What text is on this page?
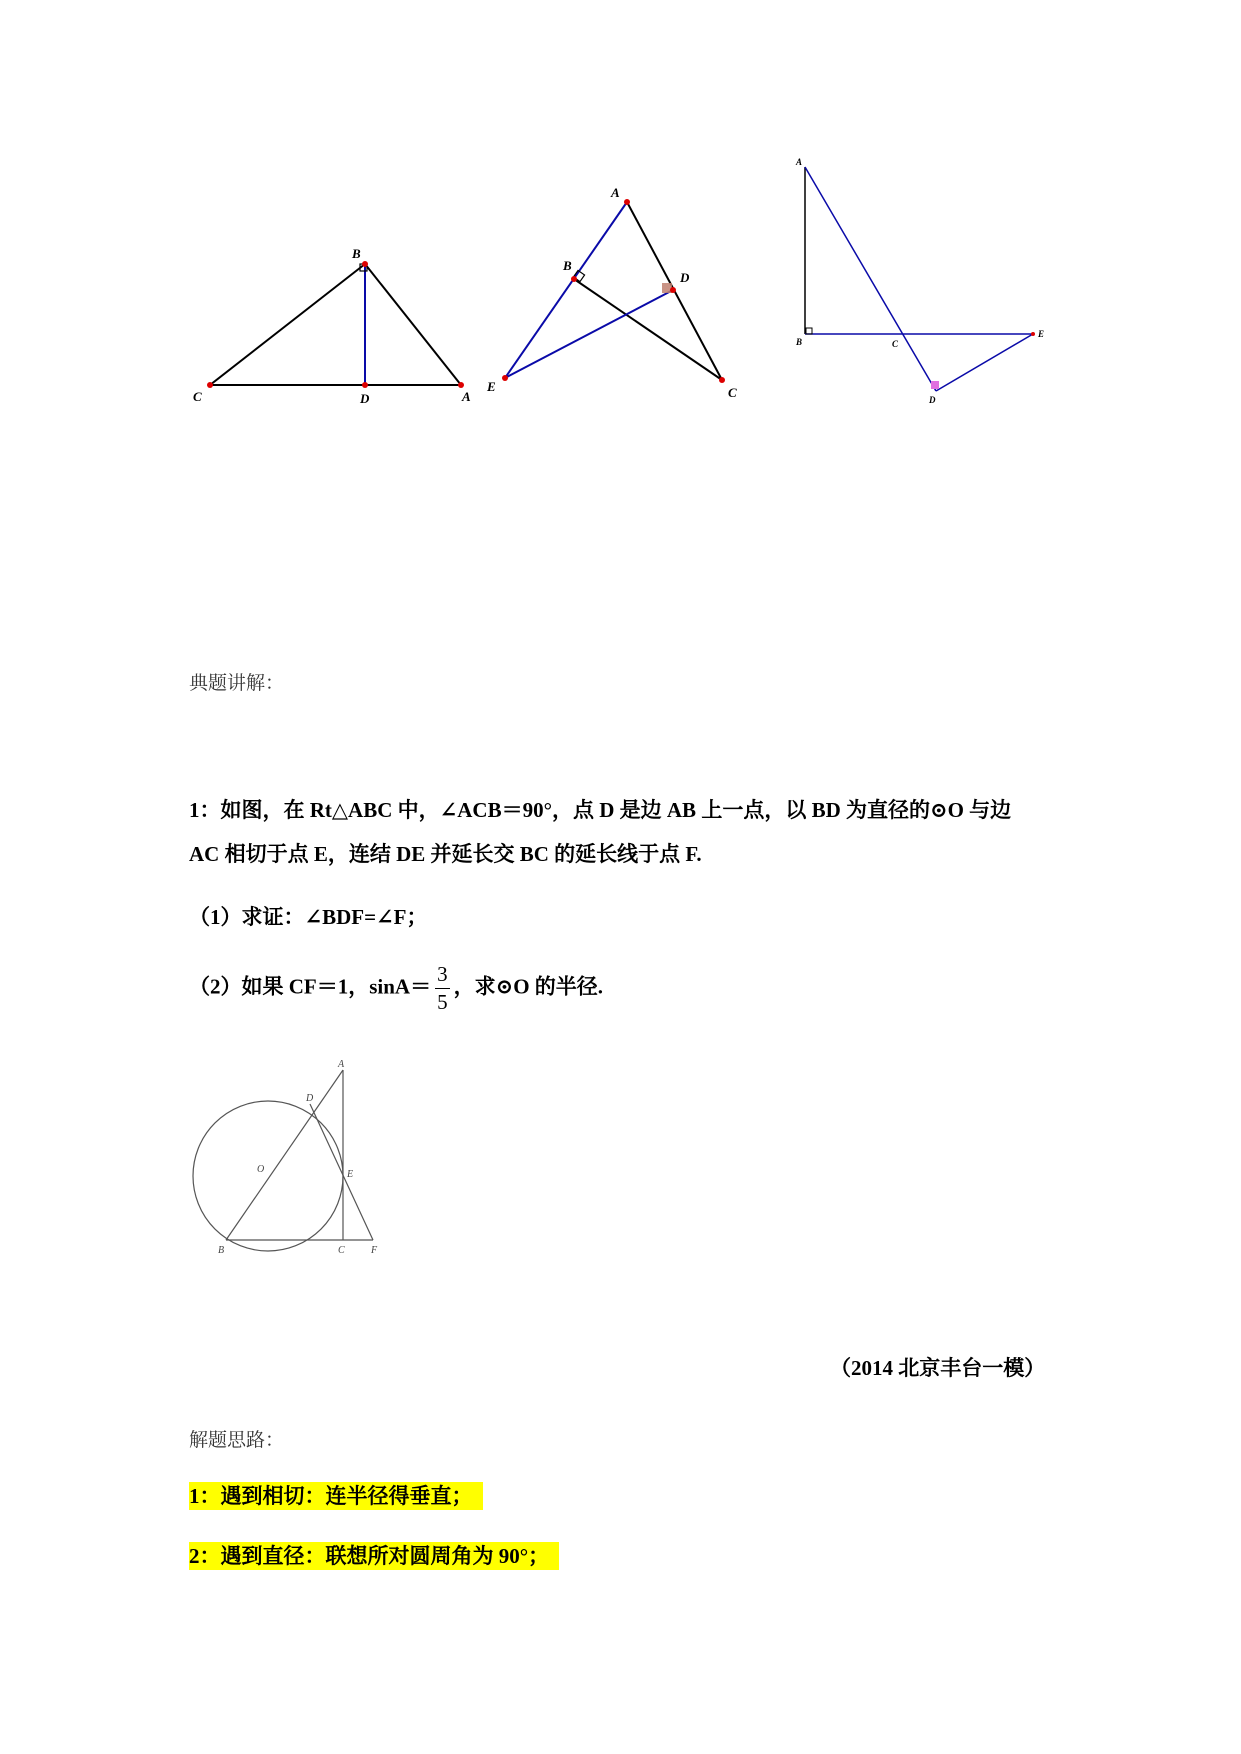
B
C	D	A
A
B
D
E	C
A
B	C
E
D
典题讲解：
1：如图，在 Rt△ABC 中，∠ACB＝90°，点 D 是边 AB 上一点，以 BD 为直径的⊙O 与边
AC 相切于点 E，连结 DE 并延长交 BC 的延长线于点 F.
（1）求证：∠BDF=∠F；
（2）如果 CF＝1，$\sin A= \frac{3}{5}$ ，求⊙O 的半径.
A
D
O	E
B	C	F
（2014 北京丰台一模）
解题思路：
1：遇到相切：连半径得垂直；
2：遇到直径：联想所对圆周角为 90°；
